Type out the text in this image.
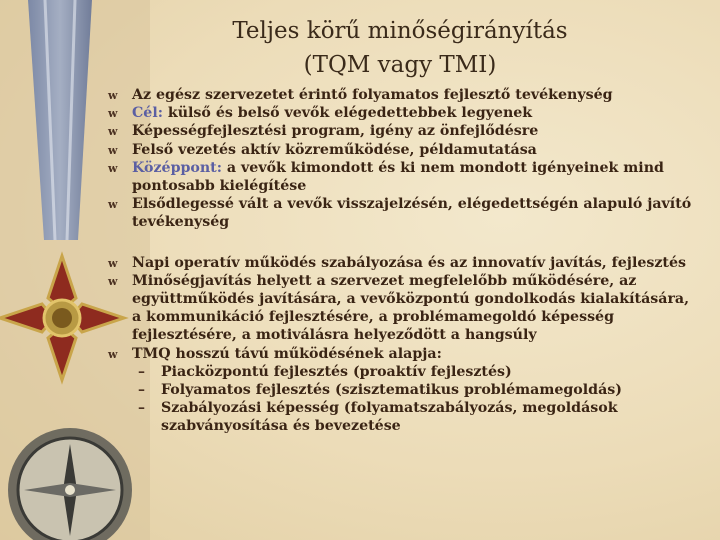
Teljes körű minőségirányítás
(TQM vagy TMI)
w Az egész szervezetet érintő folyamatos fejlesztő tevékenység
w Cél: külső és belső vevők elégedettebbek legyenek
w Képességfejlesztési program, igény az önfejlődésre
w Felső vezetés aktív közreműködése, példamutatása
w Középpont: a vevők kimondott és ki nem mondott igényeinek mind pontosabb kielégítése
w Elsődlegessé vált a vevők visszajelzésén, elégedettségén alapuló javító tevékenység
w Napi operatív működés szabályozása és az innovatív javítás, fejlesztés
w Minőségjavítás helyett a szervezet megfelelőbb működésére, az együttműködés javítására, a vevőközpontú gondolkodás kialakítására, a kommunikáció fejlesztésére, a problémamegoldó képesség fejlesztésére, a motiválásra helyeződött a hangsúly
w TMQ hosszú távú működésének alapja:
– Piacközpontú fejlesztés (proaktív fejlesztés)
– Folyamatos fejlesztés (szisztematikus problémamegoldás)
– Szabályozási képesség (folyamatszabályozás, megoldások szabványosítása és bevezetése
